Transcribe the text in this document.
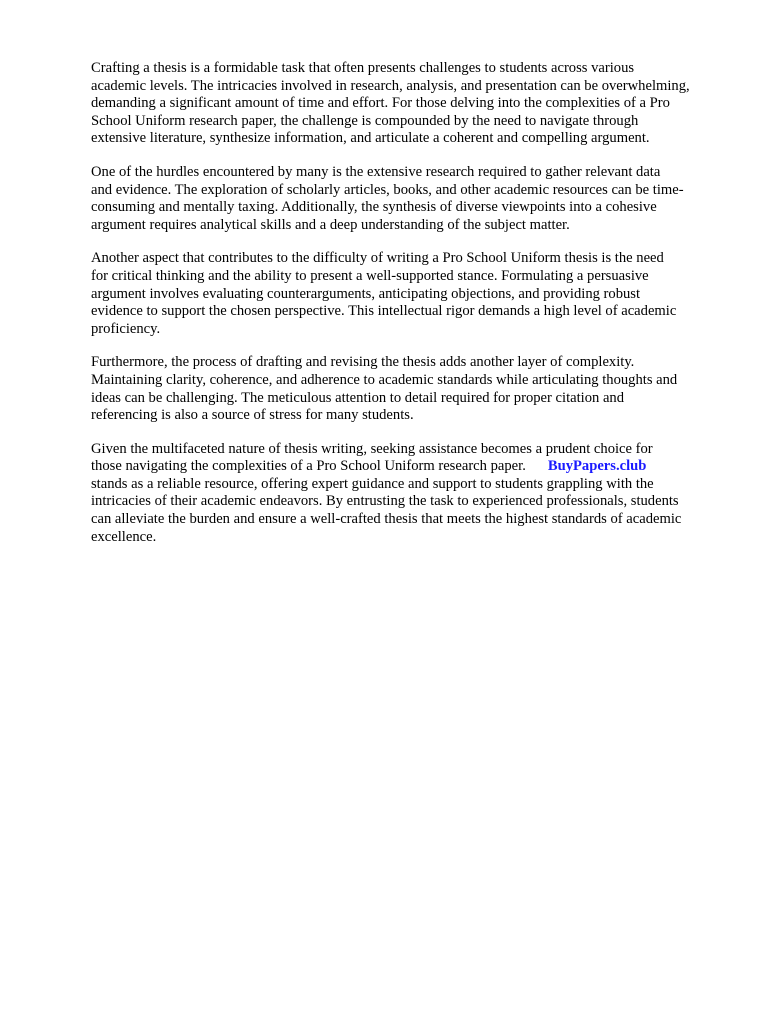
Crafting a thesis is a formidable task that often presents challenges to students across various
academic levels. The intricacies involved in research, analysis, and presentation can be overwhelming,
demanding a significant amount of time and effort. For those delving into the complexities of a Pro
School Uniform research paper, the challenge is compounded by the need to navigate through
extensive literature, synthesize information, and articulate a coherent and compelling argument.

One of the hurdles encountered by many is the extensive research required to gather relevant data
and evidence. The exploration of scholarly articles, books, and other academic resources can be time-
consuming and mentally taxing. Additionally, the synthesis of diverse viewpoints into a cohesive
argument requires analytical skills and a deep understanding of the subject matter.

Another aspect that contributes to the difficulty of writing a Pro School Uniform thesis is the need
for critical thinking and the ability to present a well-supported stance. Formulating a persuasive
argument involves evaluating counterarguments, anticipating objections, and providing robust
evidence to support the chosen perspective. This intellectual rigor demands a high level of academic
proficiency.

Furthermore, the process of drafting and revising the thesis adds another layer of complexity.
Maintaining clarity, coherence, and adherence to academic standards while articulating thoughts and
ideas can be challenging. The meticulous attention to detail required for proper citation and
referencing is also a source of stress for many students.

Given the multifaceted nature of thesis writing, seeking assistance becomes a prudent choice for
those navigating the complexities of a Pro School Uniform research paper. BuyPapers.club
stands as a reliable resource, offering expert guidance and support to students grappling with the
intricacies of their academic endeavors. By entrusting the task to experienced professionals, students
can alleviate the burden and ensure a well-crafted thesis that meets the highest standards of academic
excellence.
